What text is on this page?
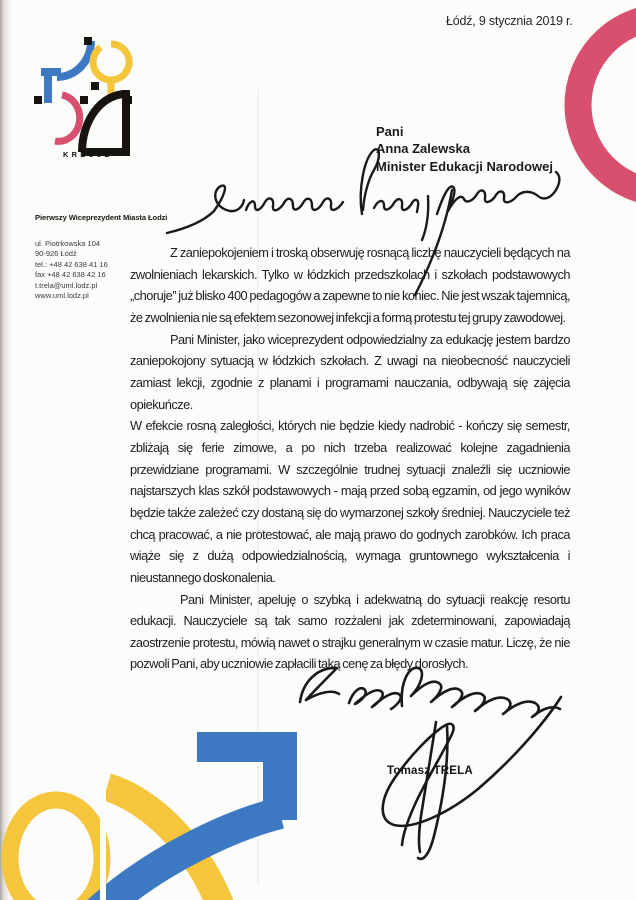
KREUJE
Łódź, 9 stycznia 2019 r.
Pierwszy Wiceprezydent Miasta Łodzi
ul. Piotrkowska 104
90-926 Łódź
tel.: +48 42 638 41 16
fax +48 42 638 42 16
t.trela@uml.lodz.pl
www.uml.lodz.pl
Pani
Anna Zalewska
Minister Edukacji Narodowej

Z zaniepokojeniem i troską obserwuję rosnącą liczbę nauczycieli będących na zwolnieniach lekarskich. Tylko w łódzkich przedszkolach i szkołach podstawowych „choruje” już blisko 400 pedagogów a zapewne to nie koniec. Nie jest wszak tajemnicą, że zwolnienia nie są efektem sezonowej infekcji a formą protestu tej grupy zawodowej.

Pani Minister, jako wiceprezydent odpowiedzialny za edukację jestem bardzo zaniepokojony sytuacją w łódzkich szkołach. Z uwagi na nieobecność nauczycieli zamiast lekcji, zgodnie z planami i programami nauczania, odbywają się zajęcia opiekuńcze.

W efekcie rosną zaległości, których nie będzie kiedy nadrobić - kończy się semestr, zbliżają się ferie zimowe, a po nich trzeba realizować kolejne zagadnienia przewidziane programami. W szczególnie trudnej sytuacji znaleźli się uczniowie najstarszych klas szkół podstawowych - mają przed sobą egzamin, od jego wyników będzie także zależeć czy dostaną się do wymarzonej szkoły średniej. Nauczyciele też chcą pracować, a nie protestować, ale mają prawo do godnych zarobków. Ich praca wiąże się z dużą odpowiedzialnością, wymaga gruntownego wykształcenia i nieustannego doskonalenia.

Pani Minister, apeluję o szybką i adekwatną do sytuacji reakcję resortu edukacji. Nauczyciele są tak samo rozżaleni jak zdeterminowani, zapowiadają zaostrzenie protestu, mówią nawet o strajku generalnym w czasie matur. Liczę, że nie pozwoli Pani, aby uczniowie zapłacili taką cenę za błędy dorosłych.

Tomasz TRELA
